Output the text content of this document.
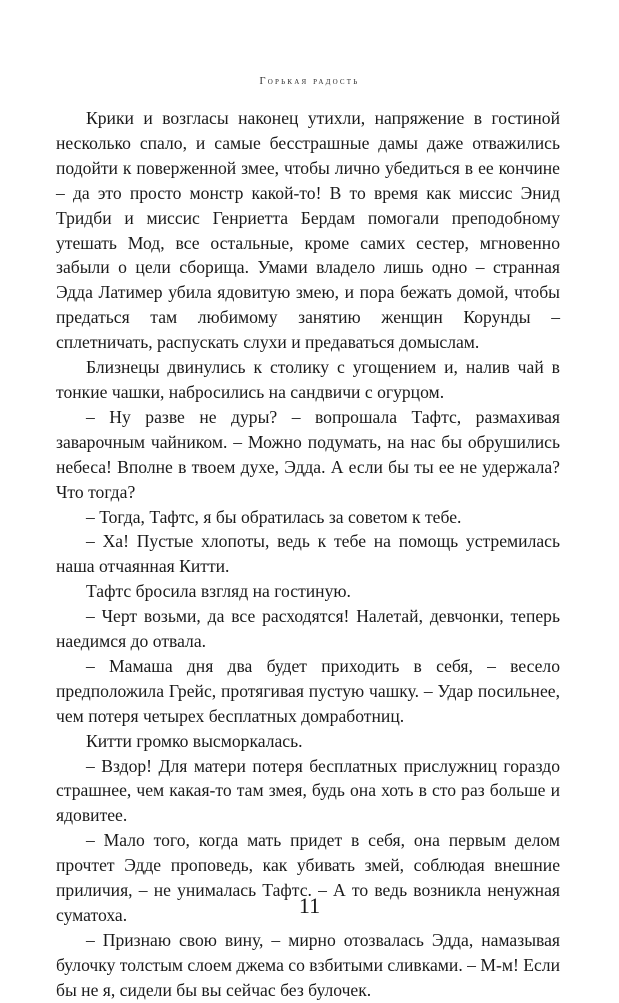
Горькая радость

Крики и возгласы наконец утихли, напряжение в гостиной несколько спало, и самые бесстрашные дамы даже отважились подойти к поверженной змее, чтобы лично убедиться в ее кончине – да это просто монстр какой-то! В то время как миссис Энид Тридби и миссис Генриетта Бердам помогали преподобному утешать Мод, все остальные, кроме самих сестер, мгновенно забыли о цели сборища. Умами владело лишь одно – странная Эдда Латимер убила ядовитую змею, и пора бежать домой, чтобы предаться там любимому занятию женщин Корунды – сплетничать, распускать слухи и предаваться домыслам.

Близнецы двинулись к столику с угощением и, налив чай в тонкие чашки, набросились на сандвичи с огурцом.

– Ну разве не дуры? – вопрошала Тафтс, размахивая заварочным чайником. – Можно подумать, на нас бы обрушились небеса! Вполне в твоем духе, Эдда. А если бы ты ее не удержала? Что тогда?

– Тогда, Тафтс, я бы обратилась за советом к тебе.

– Ха! Пустые хлопоты, ведь к тебе на помощь устремилась наша отчаянная Китти.

Тафтс бросила взгляд на гостиную.

– Черт возьми, да все расходятся! Налетай, девчонки, теперь наедимся до отвала.

– Мамаша дня два будет приходить в себя, – весело предположила Грейс, протягивая пустую чашку. – Удар посильнее, чем потеря четырех бесплатных домработниц.

Китти громко высморкалась.

– Вздор! Для матери потеря бесплатных прислужниц гораздо страшнее, чем какая-то там змея, будь она хоть в сто раз больше и ядовитее.

– Мало того, когда мать придет в себя, она первым делом прочтет Эдде проповедь, как убивать змей, соблюдая внешние приличия, – не унималась Тафтс. – А то ведь возникла ненужная суматоха.

– Признаю свою вину, – мирно отозвалась Эдда, намазывая булочку толстым слоем джема со взбитыми сливками. – М-м! Если бы не я, сидели бы вы сейчас без булочек.

11
